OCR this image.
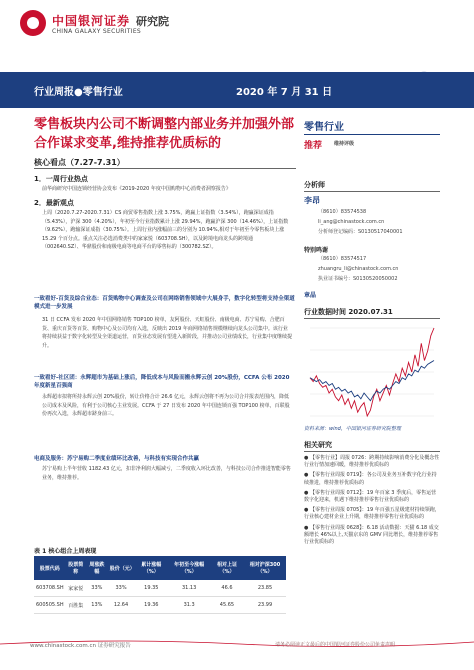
中国银河证券 研究院
CHINA GALAXY SECURITIES
行业周报●零售行业	2020 年 7 月 31 日
零售板块内公司不断调整内部业务并加强外部合作谋求变革,维持推荐优质标的
核心看点（7.27-7.31）
1．一周行业热点
前华商研究中国连锁经营协会发布《2019-2020 年度中国购物中心消费者洞察报告》
2．最新观点
上周（2020.7.27-2020.7.31）CS 商贸零售指数上涨 3.75%，跑赢上证指数（3.54%），跑赢深证成指（5.43%），沪深 300（4.20%），年初至今行业指数累计上涨 29.94%，跑赢沪深 300（14.46%），上证指数（9.62%），跑输深证成指（30.75%）。上周行业内涨幅前三的分别为 10.94%,相对于年初至今零售板块上涨 15.29 个百分点。重点关注必选消费类中的家家悦（603708.SH），以及跨境电商龙头的跨境通（002640.SZ）、华鼎股份和南极电商等电商平台的零售标的（300782.SZ）。
一致看好-百货及综合业态：百货购物中心调查及公司在网络销售领域中大展身手，数字化转型将支持全渠道模式进一步发展
31 日 CCFA 发布 2020 年中国网络销售 TOP100 榜单，友阿股份、天虹股份、南极电商、苏宁易购、合肥百货、重庆百货等百货、购物中心及公司均有入选，反映出 2019 年商网络销售规模继续向龙头公司集中。该行业将持续获益于数字化转型及全渠道运营，百货业态发展有望进入新阶段，并推动公司业绩成长，行业集中度继续提升。
一致看好-社区团：永辉超市为基础上涨后，降低成本与风险而搬永辉云创 20%股份，CCFA 公布 2020 年度新星百强商
永辉超市拟将所持永辉云创 20%股份，转让价格合计 26.6 亿元，永辉云创将不再为公司合并报表范围内，降低公司成本及风险，有利于公司核心主业发展。CCFA 于 27 日发布 2020 年中国连锁百强 TOP100 榜单，百联股份再次入选，永辉超市跻身前三。
电商及服务：苏宁易购二季度业绩环比改善，与科技有实现合作共赢
苏宁易购上半年营收 1182.43 亿元，扣非净利润大幅减亏，二季度收入环比改善，与科技公司合作推进智能零售业务，维持推荐。
表 1 核心组合上周表现
股票代码	股票简称	周涨跌幅	股价（元）	累计涨幅（%）	年初至今涨幅（%）	相对上证（%）	相对沪深300（%）
603708.SH	家家悦	33%	33%	19.35	31.13	46.6	23.85
600505.SH	百胜集	13%	12.64	19.36	31.3	45.65	23.99
零售行业
推荐 维持评级
分析师
李昂
（8610）83574538
li_ang@chinastock.com.cn
分析师登记编码：S0130517040001
特别鸣谢
（8610）83574517
zhuangru_li@chinastock.com.cn
执业证书编号：S0130520050002
章晶
行业数据时间 2020.07.31
资料来源：wind，中国银河证券研究院整理
相关研究
● 【零售行业】周报 0726：跨期持续影响消费分化及概念性行业行情加速回暖，维持推荐优质标的
● 【零售行业周报 0719】：各公司及业务互补数字化行业持续推进，维持推荐优质标的
● 【零售行业周报 0712】：19 年百家 3 季度后，零售运营数字化迎来，机遇下维持推荐零售行业优质标的
● 【零售行业周报 0705】：19 年百强五星级建材持续领跑，行业核心建材企业上升期，维持推荐零售行业优质标的
● 【零售行业周报 0628】：6.18 活动数据：天猫 6.18 成交额增长 46%以上,天猫京东的 GMV 同比增长，维持推荐零售行业优质标的
www.chinastock.com.cn 证券研究报告	请务必阅读正文最后的中国银河证券股份公司免责声明
